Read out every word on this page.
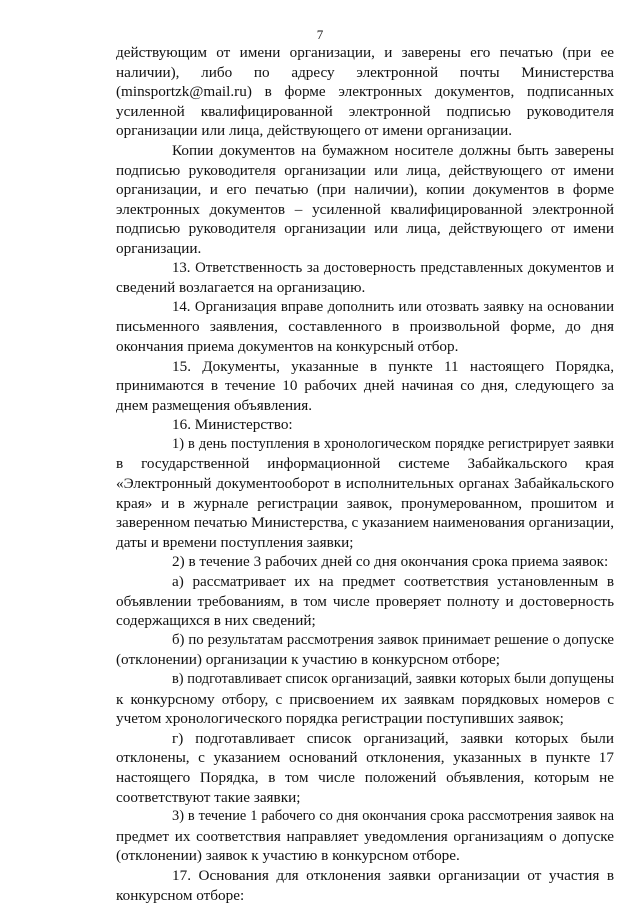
7
действующим от имени организации, и заверены его печатью (при ее
наличии), либо по адресу электронной почты Министерства
(minsportzk@mail.ru) в форме электронных документов, подписанных
усиленной квалифицированной электронной подписью руководителя
организации или лица, действующего от имени организации.
Копии документов на бумажном носителе должны быть заверены
подписью руководителя организации или лица, действующего от имени
организации, и его печатью (при наличии), копии документов в форме
электронных документов – усиленной квалифицированной электронной
подписью руководителя организации или лица, действующего от имени
организации.
13. Ответственность за достоверность представленных документов и
сведений возлагается на организацию.
14. Организация вправе дополнить или отозвать заявку на основании
письменного заявления, составленного в произвольной форме, до дня
окончания приема документов на конкурсный отбор.
15. Документы, указанные в пункте 11 настоящего Порядка,
принимаются в течение 10 рабочих дней начиная со дня, следующего за
днем размещения объявления.
16. Министерство:
1) в день поступления в хронологическом порядке регистрирует заявки
в государственной информационной системе Забайкальского края
«Электронный документооборот в исполнительных органах Забайкальского
края» и в журнале регистрации заявок, пронумерованном, прошитом и
заверенном печатью Министерства, с указанием наименования организации,
даты и времени поступления заявки;
2) в течение 3 рабочих дней со дня окончания срока приема заявок:
а) рассматривает их на предмет соответствия установленным в
объявлении требованиям, в том числе проверяет полноту и достоверность
содержащихся в них сведений;
б) по результатам рассмотрения заявок принимает решение о допуске
(отклонении) организации к участию в конкурсном отборе;
в) подготавливает список организаций, заявки которых были допущены
к конкурсному отбору, с присвоением их заявкам порядковых номеров с
учетом хронологического порядка регистрации поступивших заявок;
г) подготавливает список организаций, заявки которых были
отклонены, с указанием оснований отклонения, указанных в пункте 17
настоящего Порядка, в том числе положений объявления, которым не
соответствуют такие заявки;
3) в течение 1 рабочего со дня окончания срока рассмотрения заявок на
предмет их соответствия направляет уведомления организациям о допуске
(отклонении) заявок к участию в конкурсном отборе.
17. Основания для отклонения заявки организации от участия в
конкурсном отборе:
